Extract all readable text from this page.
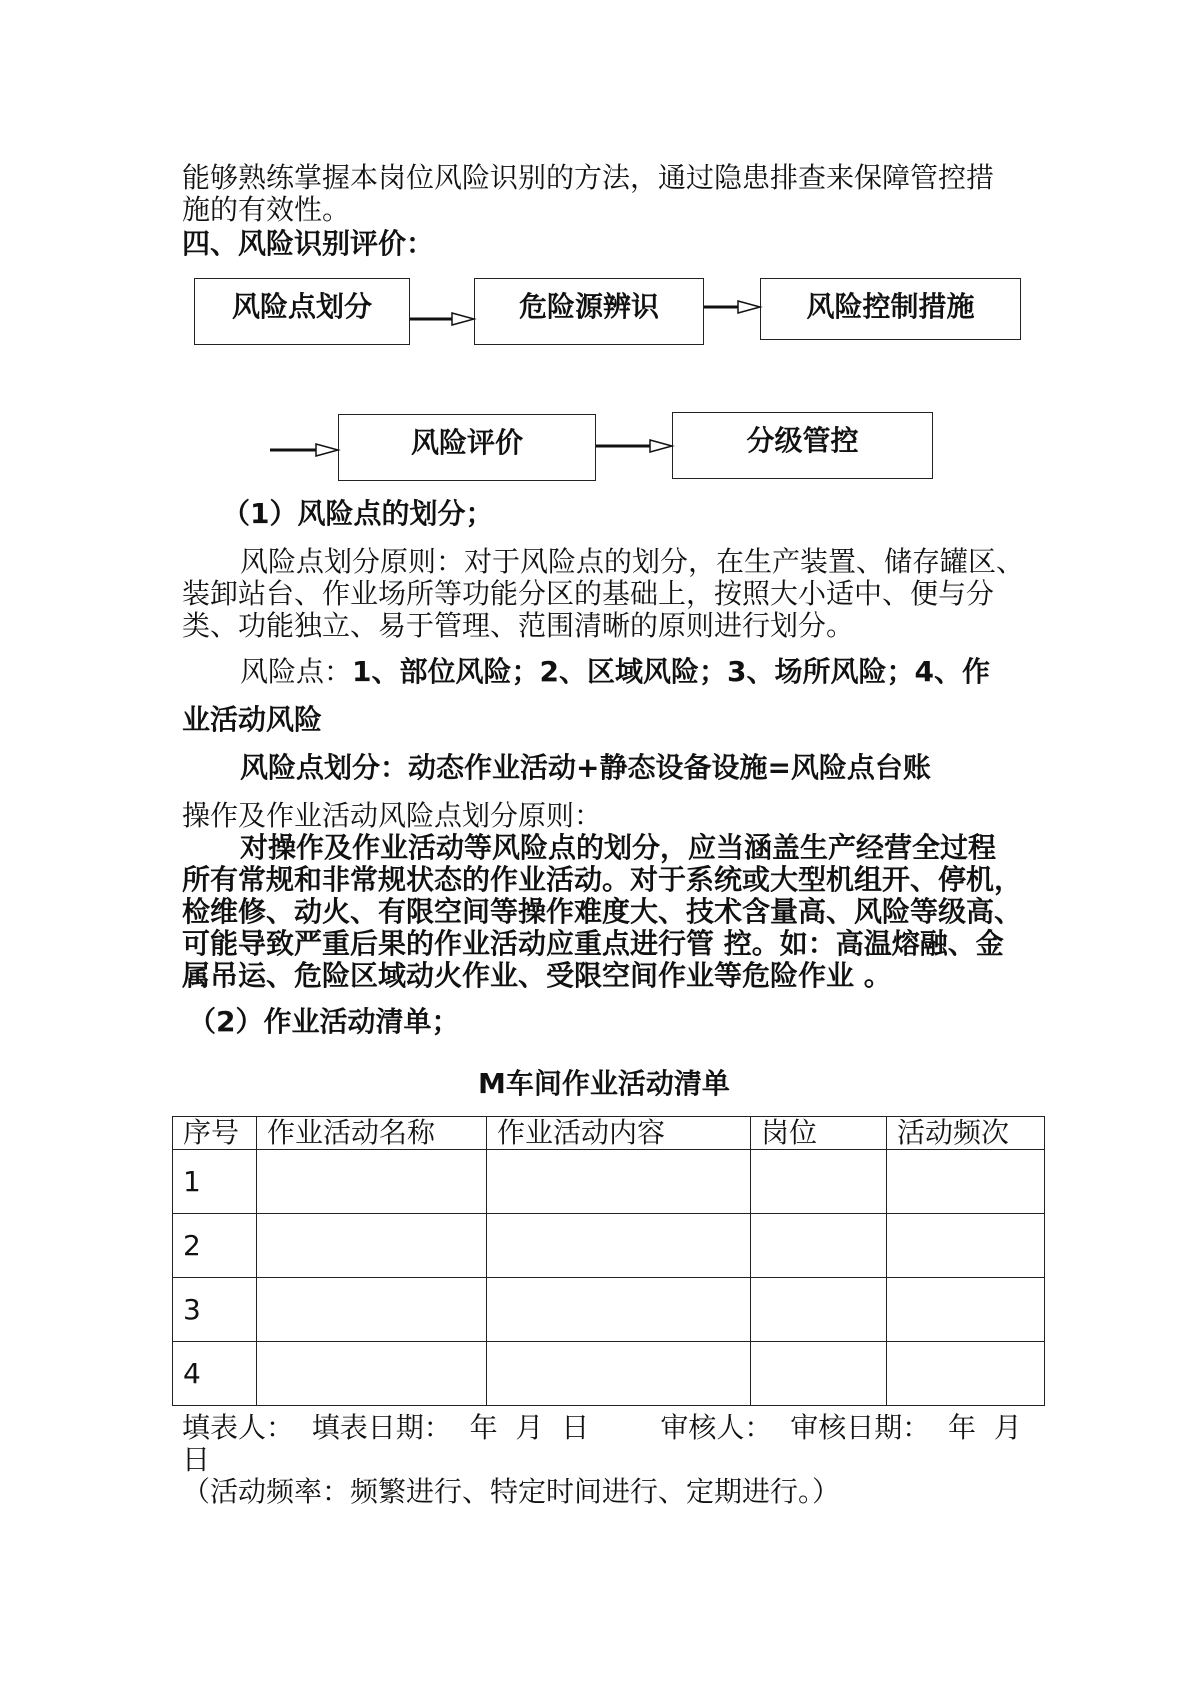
能够熟练掌握本岗位风险识别的方法，通过隐患排查来保障管控措
施的有效性。
四、风险识别评价：
风险点划分	危险源辨识	风险控制措施
风险评价	分级管控
（1）风险点的划分；
风险点划分原则：对于风险点的划分，在生产装置、储存罐区、
装卸站台、作业场所等功能分区的基础上，按照大小适中、便与分
类、功能独立、易于管理、范围清晰的原则进行划分。
风险点：1、部位风险；2、区域风险；3、场所风险；4、作
业活动风险
风险点划分：动态作业活动+静态设备设施=风险点台账
操作及作业活动风险点划分原则：
对操作及作业活动等风险点的划分，应当涵盖生产经营全过程
所有常规和非常规状态的作业活动。对于系统或大型机组开、停机，
检维修、动火、有限空间等操作难度大、技术含量高、风险等级高、
可能导致严重后果的作业活动应重点进行管 控。如：高温熔融、金
属吊运、危险区域动火作业、受限空间作业等危险作业 。
（2）作业活动清单；
M车间作业活动清单
序号	作业活动名称	作业活动内容	岗位	活动频次
1				
2				
3				
4				
填表人：  填表日期：  年  月  日        审核人：  审核日期：  年  月
日
（活动频率：频繁进行、特定时间进行、定期进行。）
